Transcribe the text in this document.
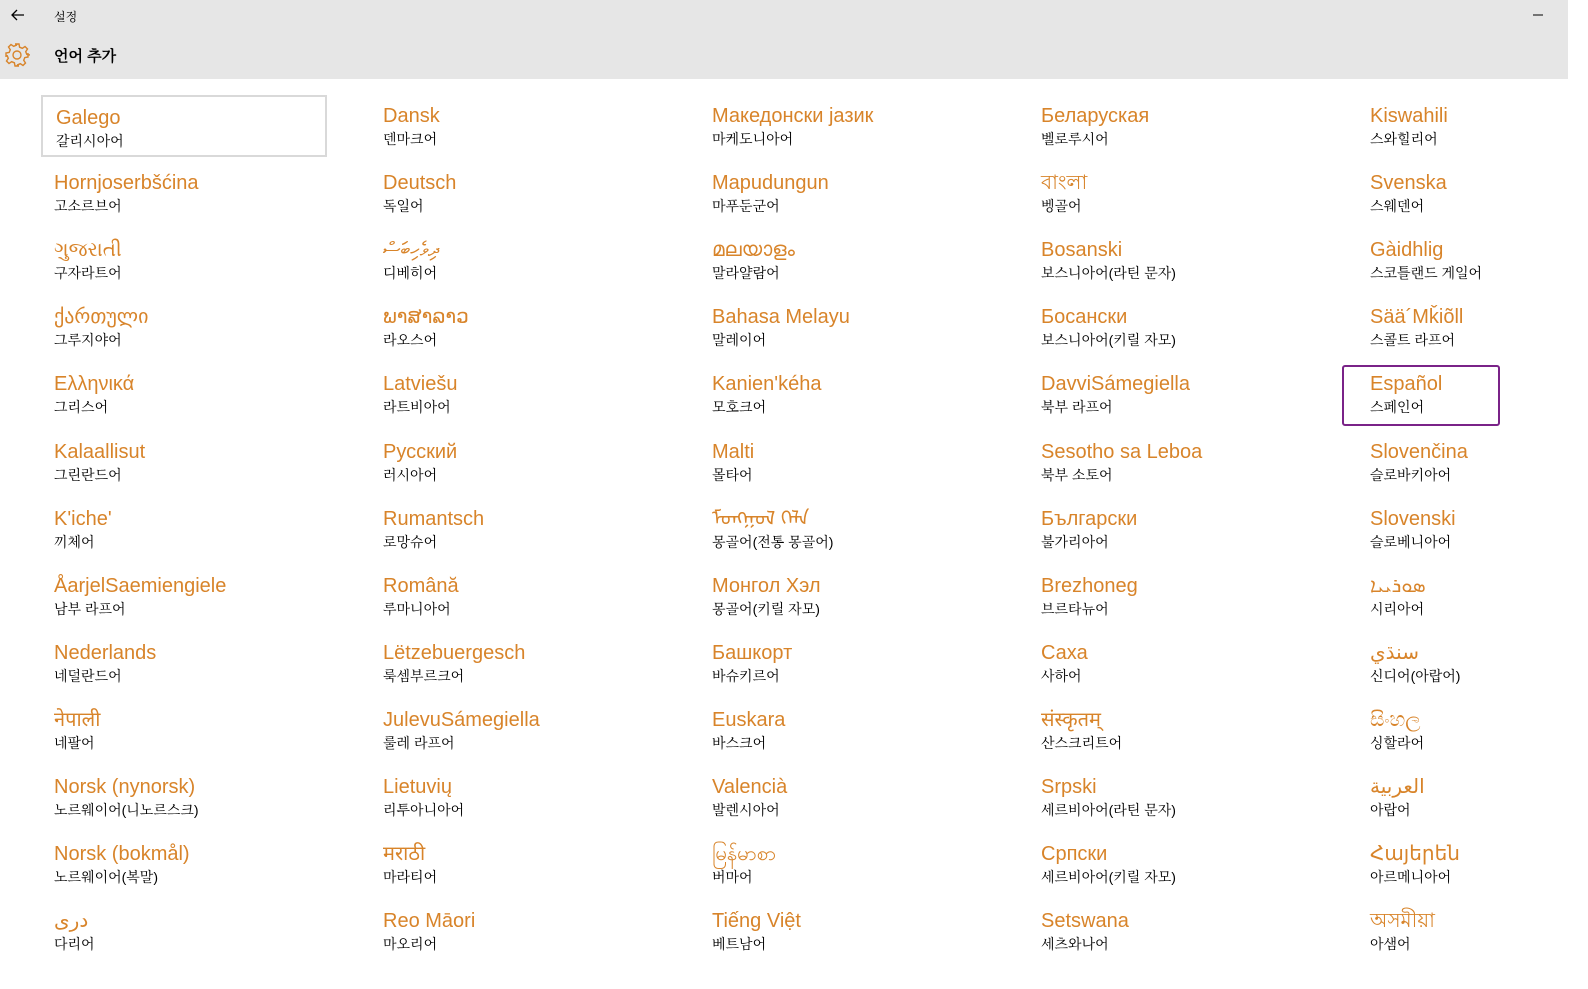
설정
언어 추가
Galego
갈리시아어
Hornjoserbšćina
고소르브어
ગુજરાતી
구자라트어
ქართული
그루지야어
Ελληνικά
그리스어
Kalaallisut
그린란드어
K'iche'
끼체어
ÅarjelSaemiengiele
남부 라프어
Nederlands
네덜란드어
नेपाली
네팔어
Norsk (nynorsk)
노르웨이어(니노르스크)
Norsk (bokmål)
노르웨이어(복말)
دری
다리어
Dansk
덴마크어
Deutsch
독일어
ދިވެހިބަސް
디베히어
ພາສາລາວ
라오스어
Latviešu
라트비아어
Русский
러시아어
Rumantsch
로망슈어
Română
루마니아어
Lëtzebuergesch
룩셈부르크어
JulevuSámegiella
룰레 라프어
Lietuvių
리투아니아어
मराठी
마라티어
Reo Māori
마오리어
Македонски јазик
마케도니아어
Mapudungun
마푸둔군어
മലയാളം
말라얄람어
Bahasa Melayu
말레이어
Kanien'kéha
모호크어
Malti
몰타어
ᠮᠣᠩᠭᠣᠯ ᠬᠡᠯᠡ
몽골어(전통 몽골어)
Монгол Хэл
몽골어(키릴 자모)
Башкорт
바슈키르어
Euskara
바스크어
Valencià
발렌시아어
မြန်မာစာ
버마어
Tiếng Việt
베트남어
Беларуская
벨로루시어
বাংলা
벵골어
Bosanski
보스니아어(라틴 문자)
Босански
보스니아어(키릴 자모)
DavviSámegiella
북부 라프어
Sesotho sa Leboa
북부 소토어
Български
불가리아어
Brezhoneg
브르타뉴어
Саха
사하어
संस्कृतम्
산스크리트어
Srpski
세르비아어(라틴 문자)
Српски
세르비아어(키릴 자모)
Setswana
세츠와나어
Kiswahili
스와힐리어
Svenska
스웨덴어
Gàidhlig
스코틀랜드 게일어
Sää´Mǩiõll
스콜트 라프어
Español
스페인어
Slovenčina
슬로바키아어
Slovenski
슬로베니아어
ܣܘܪܝܝܐ
시리아어
سنڌي
신디어(아랍어)
සිංහල
싱할라어
العربية
아랍어
Հայերեն
아르메니아어
অসমীয়া
아샘어
